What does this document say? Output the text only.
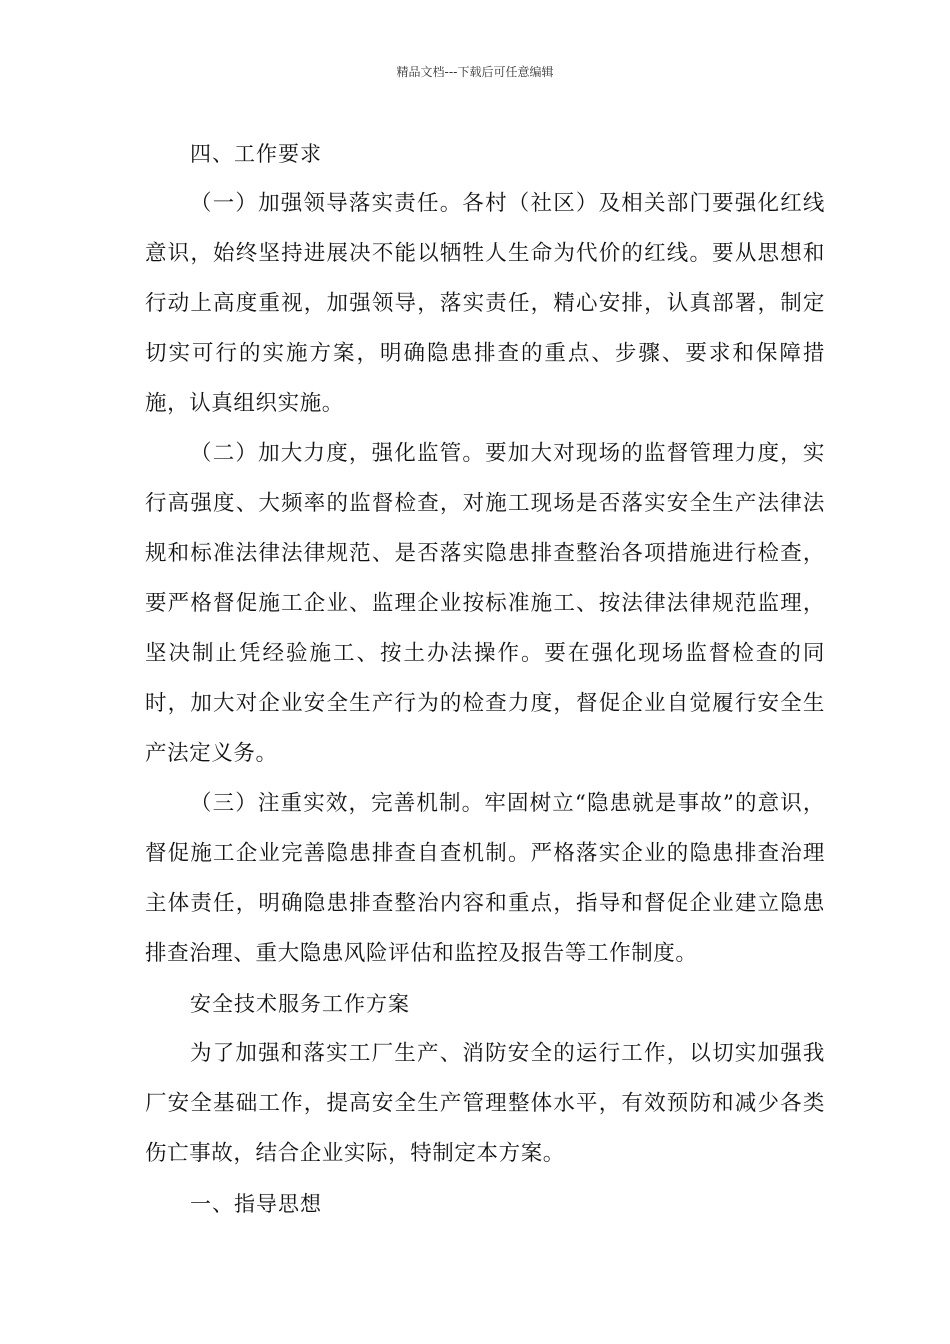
精品文档---下载后可任意编辑

四、工作要求

（一）加强领导落实责任。各村（社区）及相关部门要强化红线意识，始终坚持进展决不能以牺牲人生命为代价的红线。要从思想和行动上高度重视，加强领导，落实责任，精心安排，认真部署，制定切实可行的实施方案，明确隐患排查的重点、步骤、要求和保障措施，认真组织实施。

（二）加大力度，强化监管。要加大对现场的监督管理力度，实行高强度、大频率的监督检查，对施工现场是否落实安全生产法律法规和标准法律法律规范、是否落实隐患排查整治各项措施进行检查，要严格督促施工企业、监理企业按标准施工、按法律法律规范监理，坚决制止凭经验施工、按土办法操作。要在强化现场监督检查的同时，加大对企业安全生产行为的检查力度，督促企业自觉履行安全生产法定义务。

（三）注重实效，完善机制。牢固树立“隐患就是事故”的意识，督促施工企业完善隐患排查自查机制。严格落实企业的隐患排查治理主体责任，明确隐患排查整治内容和重点，指导和督促企业建立隐患排查治理、重大隐患风险评估和监控及报告等工作制度。

安全技术服务工作方案

为了加强和落实工厂生产、消防安全的运行工作，以切实加强我厂安全基础工作，提高安全生产管理整体水平，有效预防和减少各类伤亡事故，结合企业实际，特制定本方案。

一、指导思想
